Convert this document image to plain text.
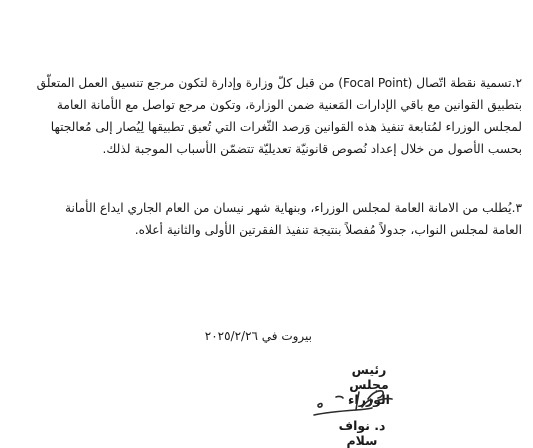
٢.تسمية نقطة اتّصال (Focal Point) من قبل كلّ وزارة وإدارة لتكون مرجع تنسيق العمل المتعلّق
بتطبيق القوانين مع باقي الإدارات المَعنية ضمن الوزارة، وتكون مرجع تواصل مع الأمانة العامة
لمجلس الوزراء لمُتابعة تنفيذ هذه القوانين وَرصد الثّغرات التي تُعيق تطبيقها لِيُصار إلى مُعالجتها
بحسب الأصول من خلال إعداد نُصوص قانونيّة تعديليّة تتضمّن الأسباب الموجبة لذلك.
٣.يُطلب من الامانة العامة لمجلس الوزراء، وبنهاية شهر نيسان من العام الجاري ايداع الأمانة
العامة لمجلس النواب، جدولاً مُفصلاً بنتيجة تنفيذ الفقرتين الأولى والثانية أعلاه.
بيروت في ٢٠٢٥/٢/٢٦
رئيس مجلس الوزراء
د. نواف سلام
